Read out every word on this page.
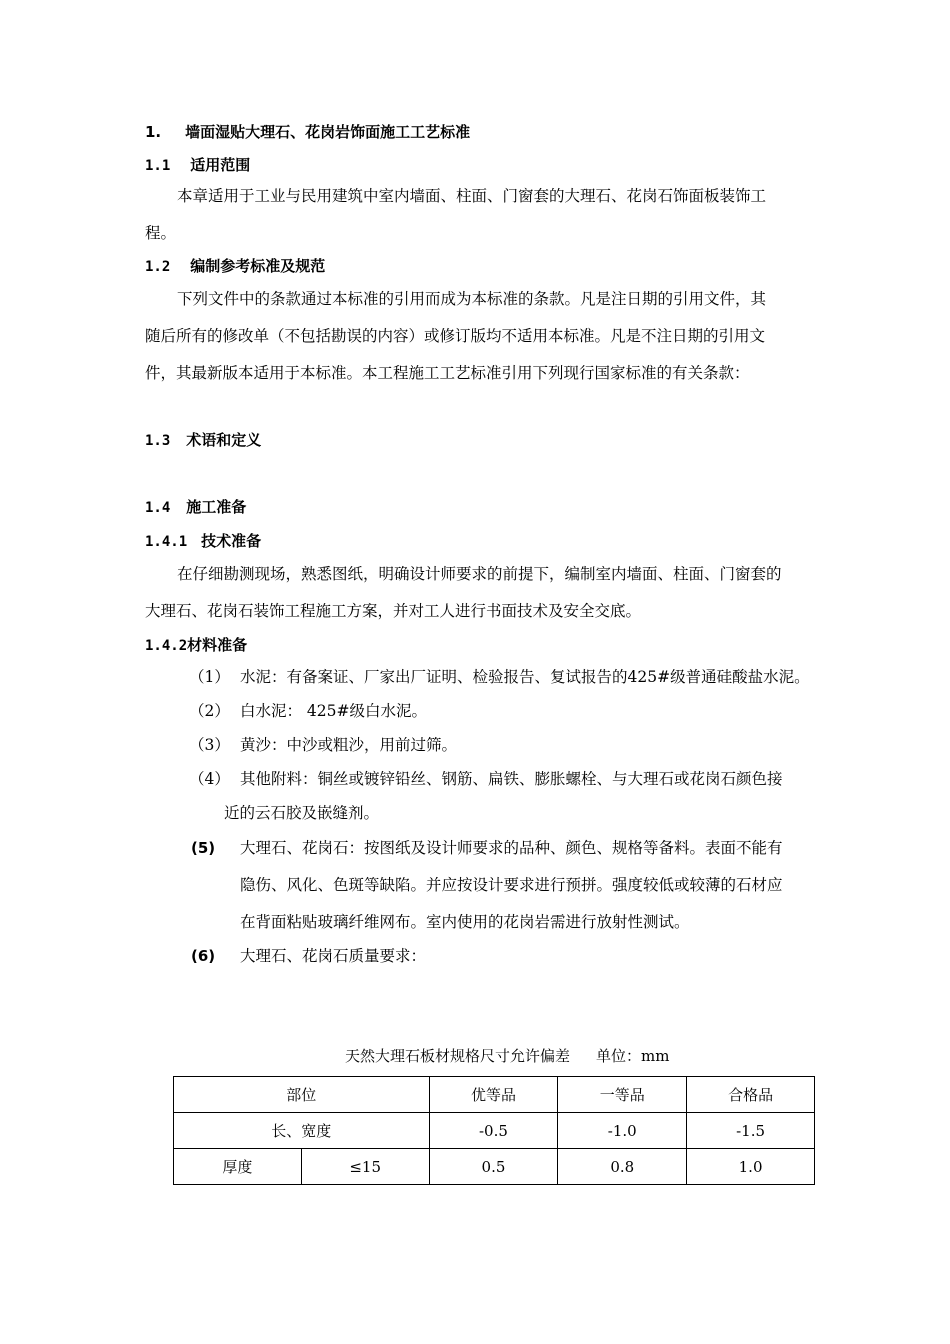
1. 墙面湿贴大理石、花岗岩饰面施工工艺标准
1.1 适用范围
本章适用于工业与民用建筑中室内墙面、柱面、门窗套的大理石、花岗石饰面板装饰工
程。
1.2 编制参考标准及规范
下列文件中的条款通过本标准的引用而成为本标准的条款。凡是注日期的引用文件，其
随后所有的修改单（不包括勘误的内容）或修订版均不适用本标准。凡是不注日期的引用文
件，其最新版本适用于本标准。本工程施工工艺标准引用下列现行国家标准的有关条款：
1.3 术语和定义
1.4 施工准备
1.4.1 技术准备
在仔细勘测现场，熟悉图纸，明确设计师要求的前提下，编制室内墙面、柱面、门窗套的
大理石、花岗石装饰工程施工方案，并对工人进行书面技术及安全交底。
1.4.2材料准备
（1） 水泥：有备案证、厂家出厂证明、检验报告、复试报告的425#级普通硅酸盐水泥。
（2） 白水泥： 425#级白水泥。
（3） 黄沙：中沙或粗沙，用前过筛。
（4） 其他附料：铜丝或镀锌铅丝、钢筋、扁铁、膨胀螺栓、与大理石或花岗石颜色接
近的云石胶及嵌缝剂。
(5) 大理石、花岗石：按图纸及设计师要求的品种、颜色、规格等备料。表面不能有
隐伤、风化、色斑等缺陷。并应按设计要求进行预拼。强度较低或较薄的石材应
在背面粘贴玻璃纤维网布。室内使用的花岗岩需进行放射性测试。
(6) 大理石、花岗石质量要求：
天然大理石板材规格尺寸允许偏差 单位：mm
部位		优等品	一等品	合格品
长、宽度		-0.5	-1.0	-1.5
厚度	≤15	0.5	0.8	1.0
